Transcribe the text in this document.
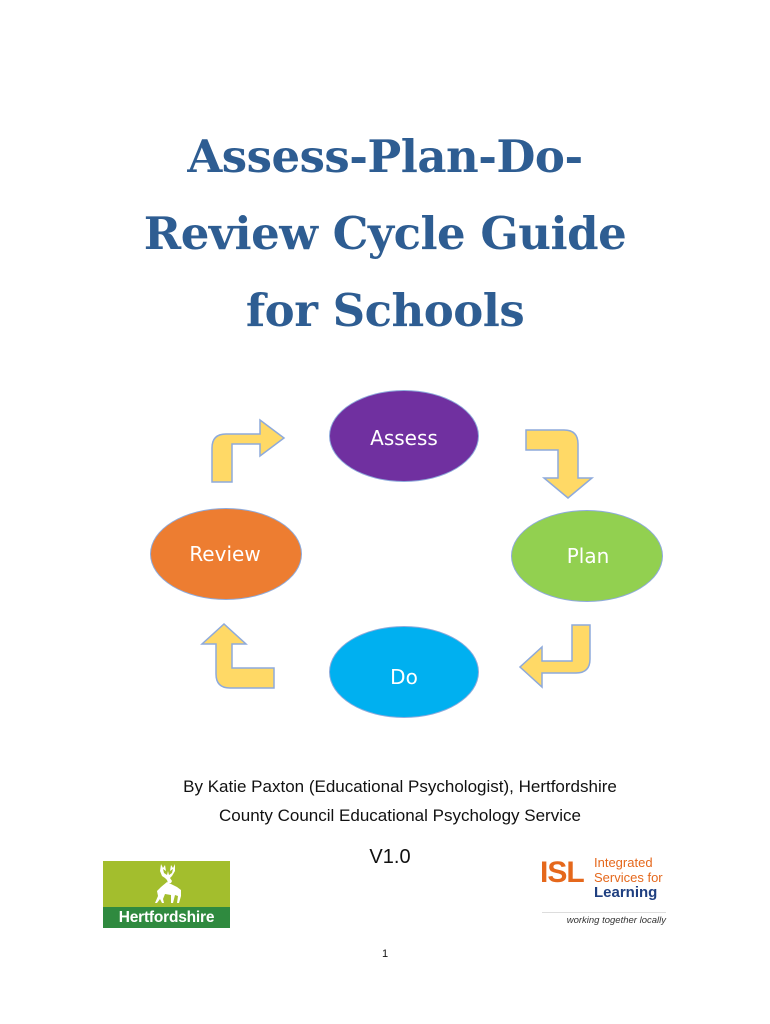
Assess-Plan-Do-
Review Cycle Guide
for Schools
Assess
Plan
Do
Review

By Katie Paxton (Educational Psychologist), Hertfordshire
County Council Educational Psychology Service

V1.0
Hertfordshire
ISL Integrated
Services for
Learning
working together locally
1
